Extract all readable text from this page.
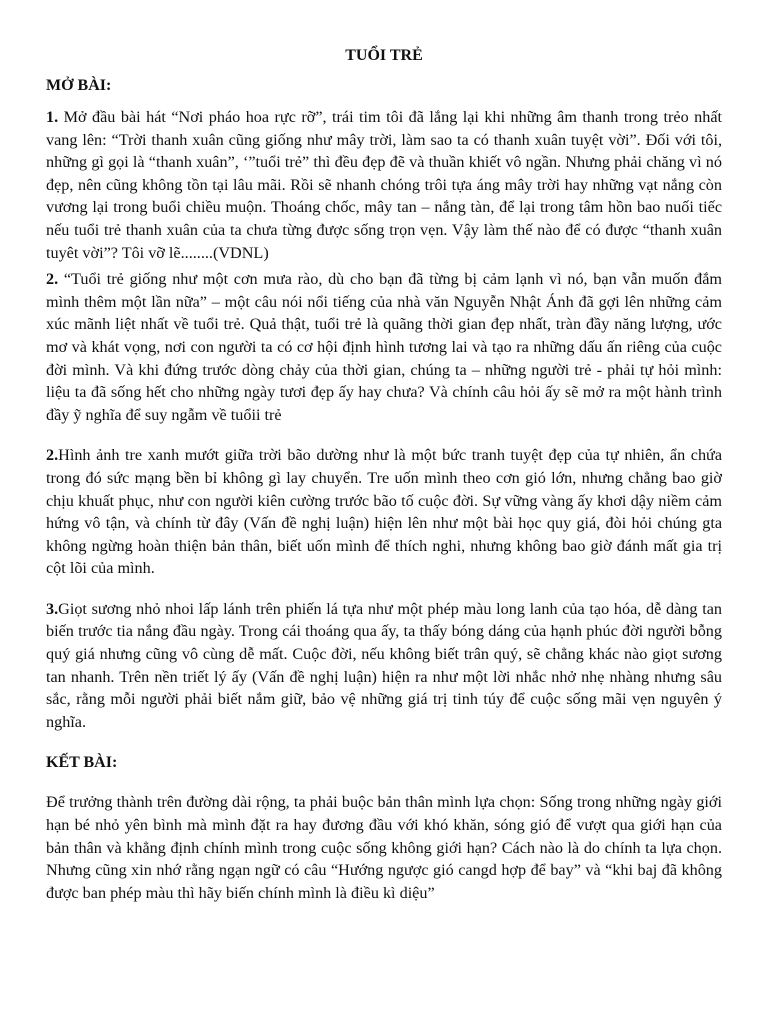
TUỔI TRẺ
MỞ BÀI:

1. Mở đầu bài hát “Nơi pháo hoa rực rỡ”, trái tim tôi đã lắng lại khi những âm thanh trong trẻo nhất vang lên: “Trời thanh xuân cũng giống như mây trời, làm sao ta có thanh xuân tuyệt vời”. Đối với tôi, những gì gọi là “thanh xuân”, ‘”tuổi trẻ” thì đều đẹp đẽ và thuần khiết vô ngần. Nhưng phải chăng vì nó đẹp, nên cũng không tồn tại lâu mãi. Rồi sẽ nhanh chóng trôi tựa áng mây trời hay những vạt nắng còn vương lại trong buổi chiều muộn. Thoáng chốc, mây tan – nắng tàn, để lại trong tâm hồn bao nuối tiếc nếu tuổi trẻ thanh xuân của ta chưa từng được sống trọn vẹn. Vậy làm thế nào để có được “thanh xuân tuyêt vời”? Tôi vỡ lẽ........(VDNL)

2. “Tuổi trẻ giống như một cơn mưa rào, dù cho bạn đã từng bị cảm lạnh vì nó, bạn vẫn muốn đắm mình thêm một lần nữa” – một câu nói nổi tiếng của nhà văn Nguyễn Nhật Ánh đã gợi lên những cảm xúc mãnh liệt nhất về tuổi trẻ. Quả thật, tuổi trẻ là quãng thời gian đẹp nhất, tràn đầy năng lượng, ước mơ và khát vọng, nơi con người ta có cơ hội định hình tương lai và tạo ra những dấu ấn riêng của cuộc đời mình. Và khi đứng trước dòng chảy của thời gian, chúng ta – những người trẻ - phải tự hỏi mình: liệu ta đã sống hết cho những ngày tươi đẹp ấy hay chưa? Và chính câu hỏi ấy sẽ mở ra một hành trình đầy ỹ nghĩa để suy ngẫm về tuổii trẻ

2.Hình ảnh tre xanh mướt giữa trời bão dường như là một bức tranh tuyệt đẹp của tự nhiên, ẩn chứa trong đó sức mạng bền bỉ không gì lay chuyển. Tre uốn mình theo cơn gió lớn, nhưng chẳng bao giờ chịu khuất phục, như con người kiên cường trước bão tố cuộc đời. Sự vững vàng ấy khơi dậy niềm cảm hứng vô tận, và chính từ đây (Vấn đề nghị luận) hiện lên như một bài học quy giá, đòi hỏi chúng gta không ngừng hoàn thiện bản thân, biết uốn mình để thích nghi, nhưng không bao giờ đánh mất gia trị cột lõi của mình.

3.Giọt sương nhỏ nhoi lấp lánh trên phiến lá tựa như một phép màu long lanh của tạo hóa, dễ dàng tan biến trước tia nắng đầu ngày. Trong cái thoáng qua ấy, ta thấy bóng dáng của hạnh phúc đời người bỗng quý giá nhưng cũng vô cùng dễ mất. Cuộc đời, nếu không biết trân quý, sẽ chẳng khác nào giọt sương tan nhanh. Trên nền triết lý ấy (Vấn đề nghị luận) hiện ra như một lời nhắc nhở nhẹ nhàng nhưng sâu sắc, rằng mỗi người phải biết nắm giữ, bảo vệ những giá trị tinh túy để cuộc sống mãi vẹn nguyên ý nghĩa.

KẾT BÀI:

Để trưởng thành trên đường dài rộng, ta phải buộc bản thân mình lựa chọn: Sống trong những ngày giới hạn bé nhỏ yên bình mà mình đặt ra hay đương đầu với khó khăn, sóng gió để vượt qua giới hạn của bản thân và khẳng định chính mình trong cuộc sống không giới hạn? Cách nào là do chính ta lựa chọn. Nhưng cũng xin nhớ rằng ngạn ngữ có câu “Hướng ngược gió cangd hợp để bay” và “khi baj đã không được ban phép màu thì hãy biến chính mình là điều kì diệu”
